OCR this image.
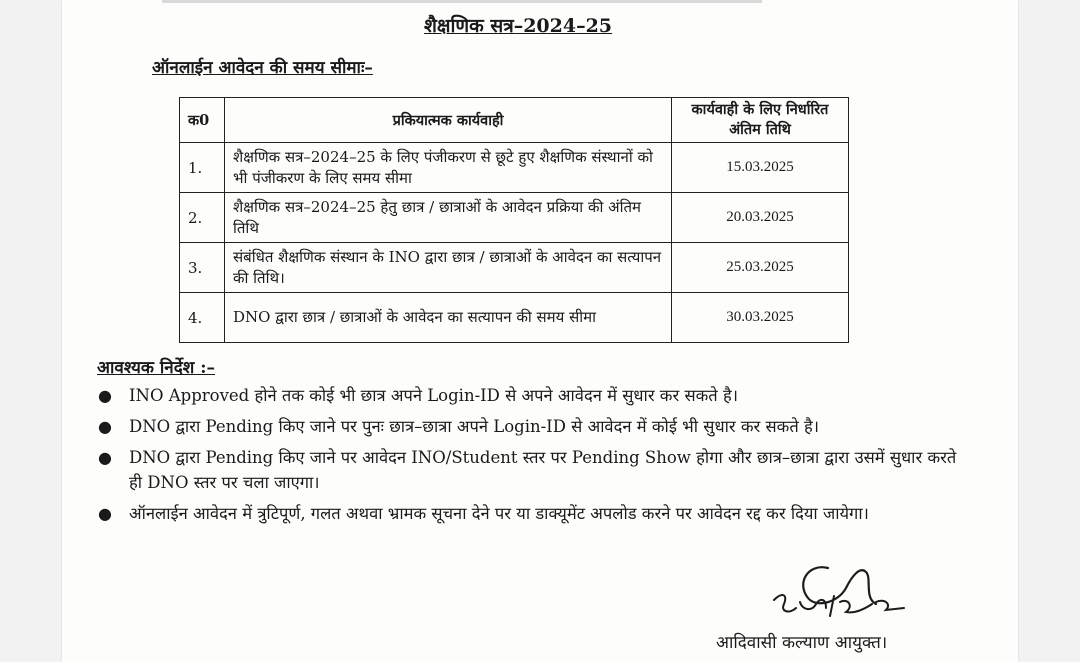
शैक्षणिक सत्र–2024–25
ऑनलाईन आवेदन की समय सीमाः–
क0	प्रकियात्मक कार्यवाही	कार्यवाही के लिए निर्धारित अंतिम तिथि
1.	शैक्षणिक सत्र–2024–25 के लिए पंजीकरण से छूटे हुए शैक्षणिक संस्थानों को भी पंजीकरण के लिए समय सीमा	15.03.2025
2.	शैक्षणिक सत्र–2024–25 हेतु छात्र / छात्राओं के आवेदन प्रक्रिया की अंतिम तिथि	20.03.2025
3.	संबंधित शैक्षणिक संस्थान के INO द्वारा छात्र / छात्राओं के आवेदन का सत्यापन की तिथि।	25.03.2025
4.	DNO द्वारा छात्र / छात्राओं के आवेदन का सत्यापन की समय सीमा	30.03.2025
आवश्यक निर्देश :–
● INO Approved होने तक कोई भी छात्र अपने Login-ID से अपने आवेदन में सुधार कर सकते है।
● DNO द्वारा Pending किए जाने पर पुनः छात्र–छात्रा अपने Login-ID से आवेदन में कोई भी सुधार कर सकते है।
● DNO द्वारा Pending किए जाने पर आवेदन INO/Student स्तर पर Pending Show होगा और छात्र–छात्रा द्वारा उसमें सुधार करते ही DNO स्तर पर चला जाएगा।
● ऑनलाईन आवेदन में त्रुटिपूर्ण, गलत अथवा भ्रामक सूचना देने पर या डाक्यूमेंट अपलोड करने पर आवेदन रद्द कर दिया जायेगा।
आदिवासी कल्याण आयुक्त।
